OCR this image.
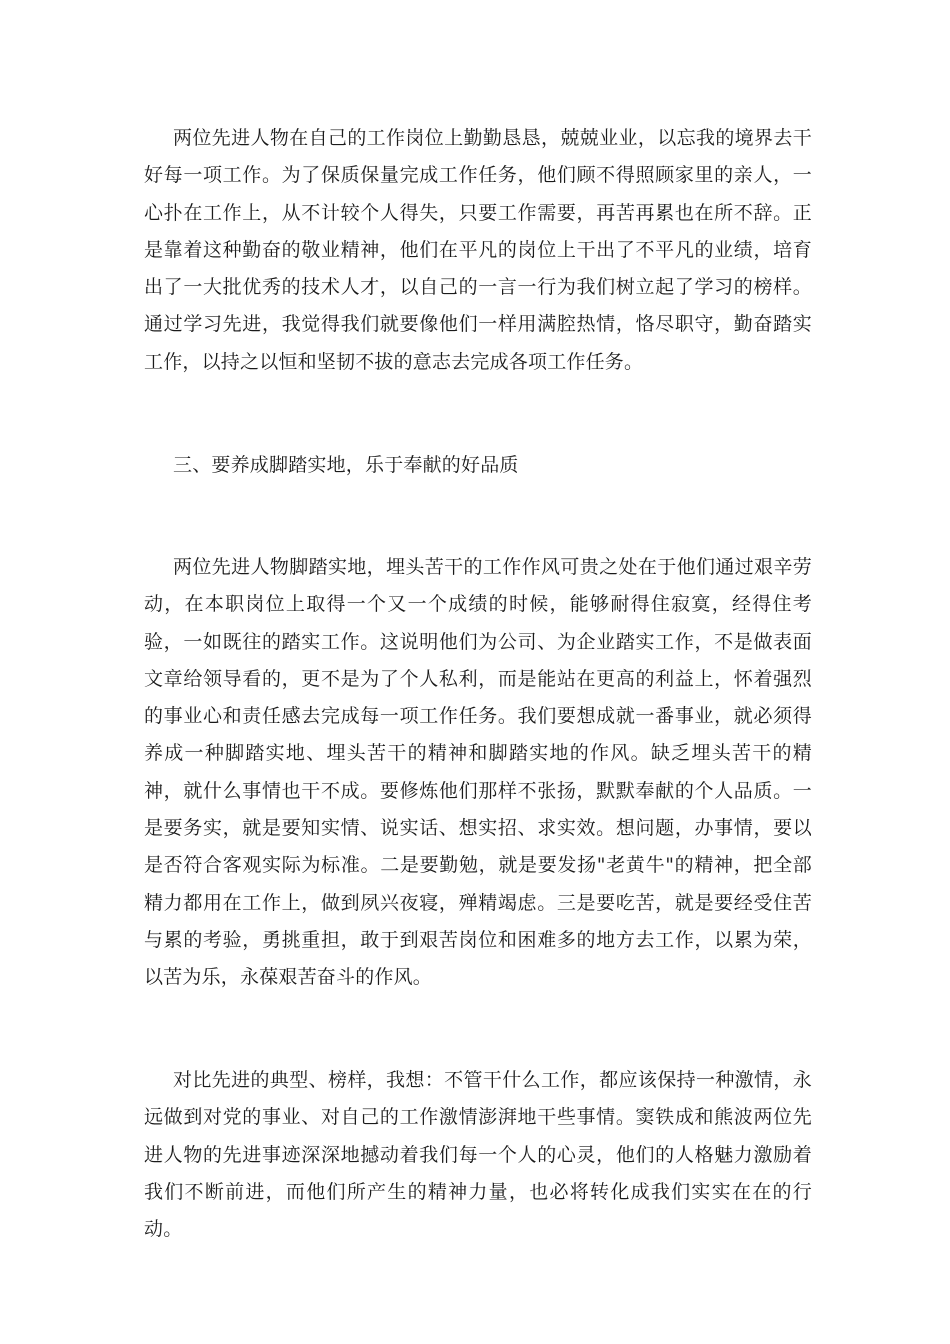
两位先进人物在自己的工作岗位上勤勤恳恳，兢兢业业，以忘我的境界去干好每一项工作。为了保质保量完成工作任务，他们顾不得照顾家里的亲人，一心扑在工作上，从不计较个人得失，只要工作需要，再苦再累也在所不辞。正是靠着这种勤奋的敬业精神，他们在平凡的岗位上干出了不平凡的业绩，培育出了一大批优秀的技术人才，以自己的一言一行为我们树立起了学习的榜样。通过学习先进，我觉得我们就要像他们一样用满腔热情，恪尽职守，勤奋踏实工作，以持之以恒和坚韧不拔的意志去完成各项工作任务。

三、要养成脚踏实地，乐于奉献的好品质

两位先进人物脚踏实地，埋头苦干的工作作风可贵之处在于他们通过艰辛劳动，在本职岗位上取得一个又一个成绩的时候，能够耐得住寂寞，经得住考验，一如既往的踏实工作。这说明他们为公司、为企业踏实工作，不是做表面文章给领导看的，更不是为了个人私利，而是能站在更高的利益上，怀着强烈的事业心和责任感去完成每一项工作任务。我们要想成就一番事业，就必须得养成一种脚踏实地、埋头苦干的精神和脚踏实地的作风。缺乏埋头苦干的精神，就什么事情也干不成。要修炼他们那样不张扬，默默奉献的个人品质。一是要务实，就是要知实情、说实话、想实招、求实效。想问题，办事情，要以是否符合客观实际为标准。二是要勤勉，就是要发扬"老黄牛"的精神，把全部精力都用在工作上，做到夙兴夜寝，殚精竭虑。三是要吃苦，就是要经受住苦与累的考验，勇挑重担，敢于到艰苦岗位和困难多的地方去工作，以累为荣，以苦为乐，永葆艰苦奋斗的作风。

对比先进的典型、榜样，我想：不管干什么工作，都应该保持一种激情，永远做到对党的事业、对自己的工作激情澎湃地干些事情。窦铁成和熊波两位先进人物的先进事迹深深地撼动着我们每一个人的心灵，他们的人格魅力激励着我们不断前进，而他们所产生的精神力量，也必将转化成我们实实在在的行动。
